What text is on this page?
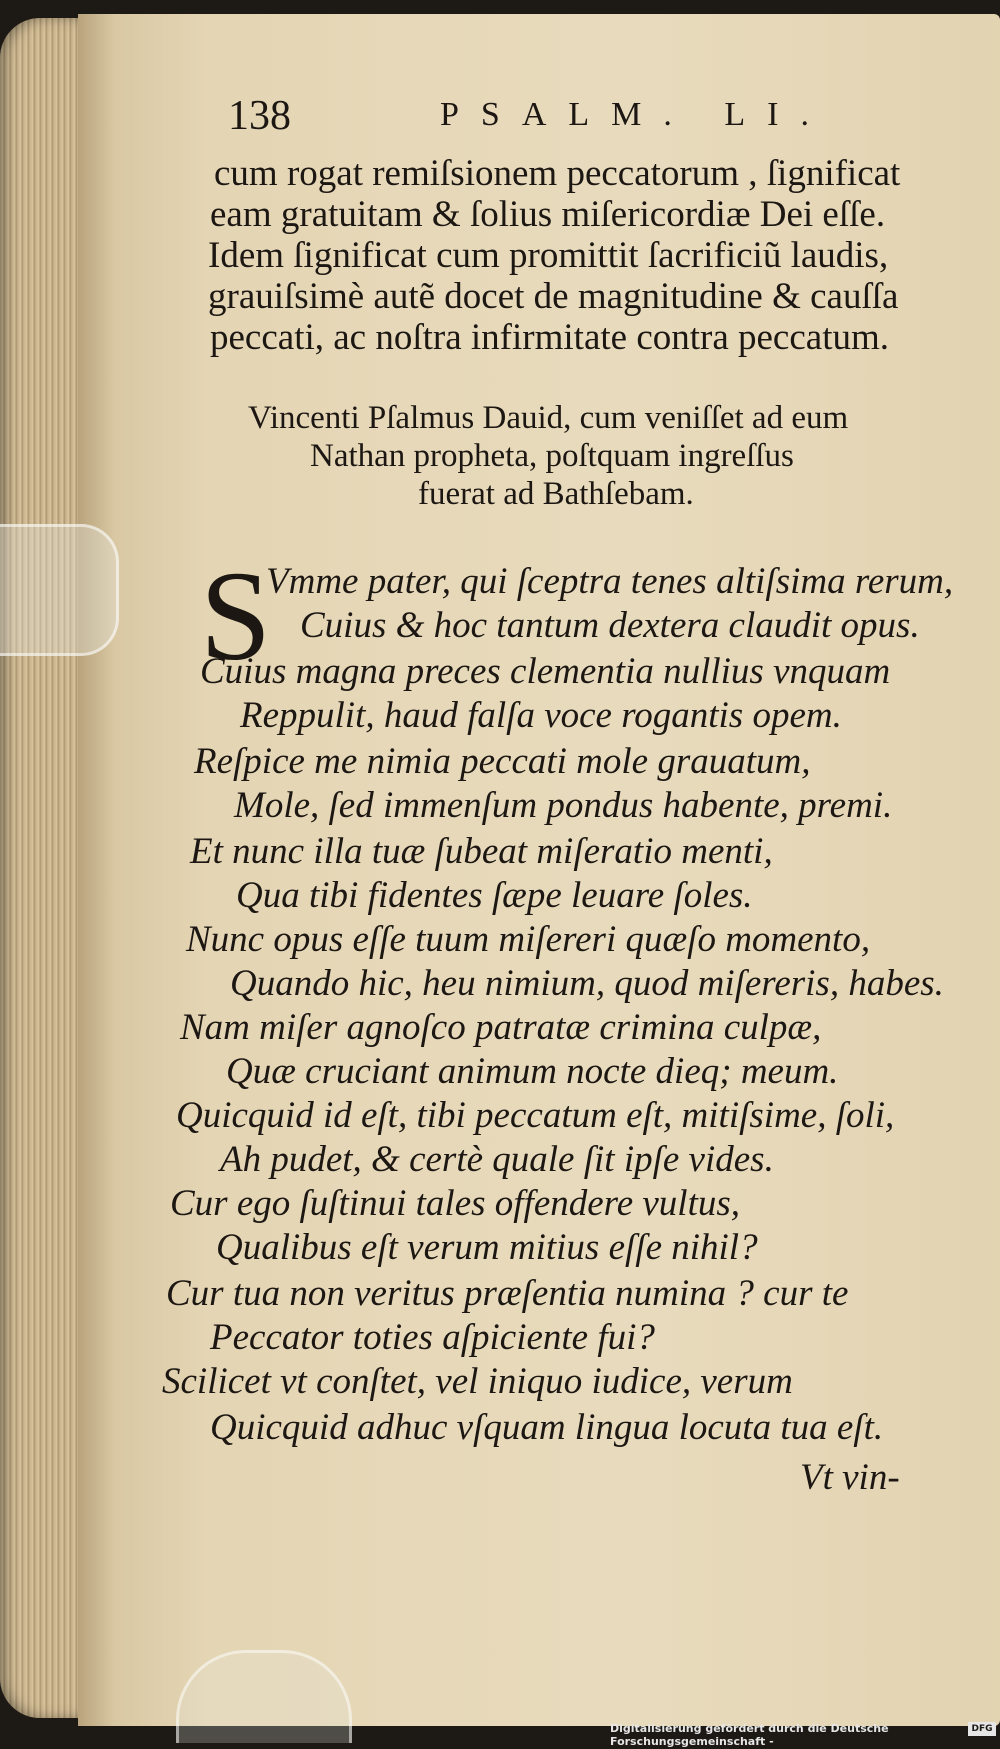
138	PSALM. LI.
cum rogat remiſsionem peccatorum , ſignificat
eam gratuitam & ſolius miſericordiæ Dei eſſe.
Idem ſignificat cum promittit ſacrificiũ laudis,
grauiſsimè autẽ docet de magnitudine & cauſſa
peccati, ac noſtra infirmitate contra peccatum.
Vincenti Pſalmus Dauid, cum veniſſet ad eum
Nathan propheta, poſtquam ingreſſus
fuerat ad Bathſebam.
S
Vmme pater, qui ſceptra tenes altiſsima rerum,
Cuius & hoc tantum dextera claudit opus.
Cuius magna preces clementia nullius vnquam
Reppulit, haud falſa voce rogantis opem.
Reſpice me nimia peccati mole grauatum,
Mole, ſed immenſum pondus habente, premi.
Et nunc illa tuæ ſubeat miſeratio menti,
Qua tibi fidentes ſæpe leuare ſoles.
Nunc opus eſſe tuum miſereri quæſo momento,
Quando hic, heu nimium, quod miſereris, habes.
Nam miſer agnoſco patratæ crimina culpæ,
Quæ cruciant animum nocte dieq; meum.
Quicquid id eſt, tibi peccatum eſt, mitiſsime, ſoli,
Ah pudet, & certè quale ſit ipſe vides.
Cur ego ſuſtinui tales offendere vultus,
Qualibus eſt verum mitius eſſe nihil?
Cur tua non veritus præſentia numina ? cur te
Peccator toties aſpiciente fui?
Scilicet vt conſtet, vel iniquo iudice, verum
Quicquid adhuc vſquam lingua locuta tua eſt.
Vt vin-
Digitalisierung gefördert durch die Deutsche Forschungsgemeinschaft -
DFG
